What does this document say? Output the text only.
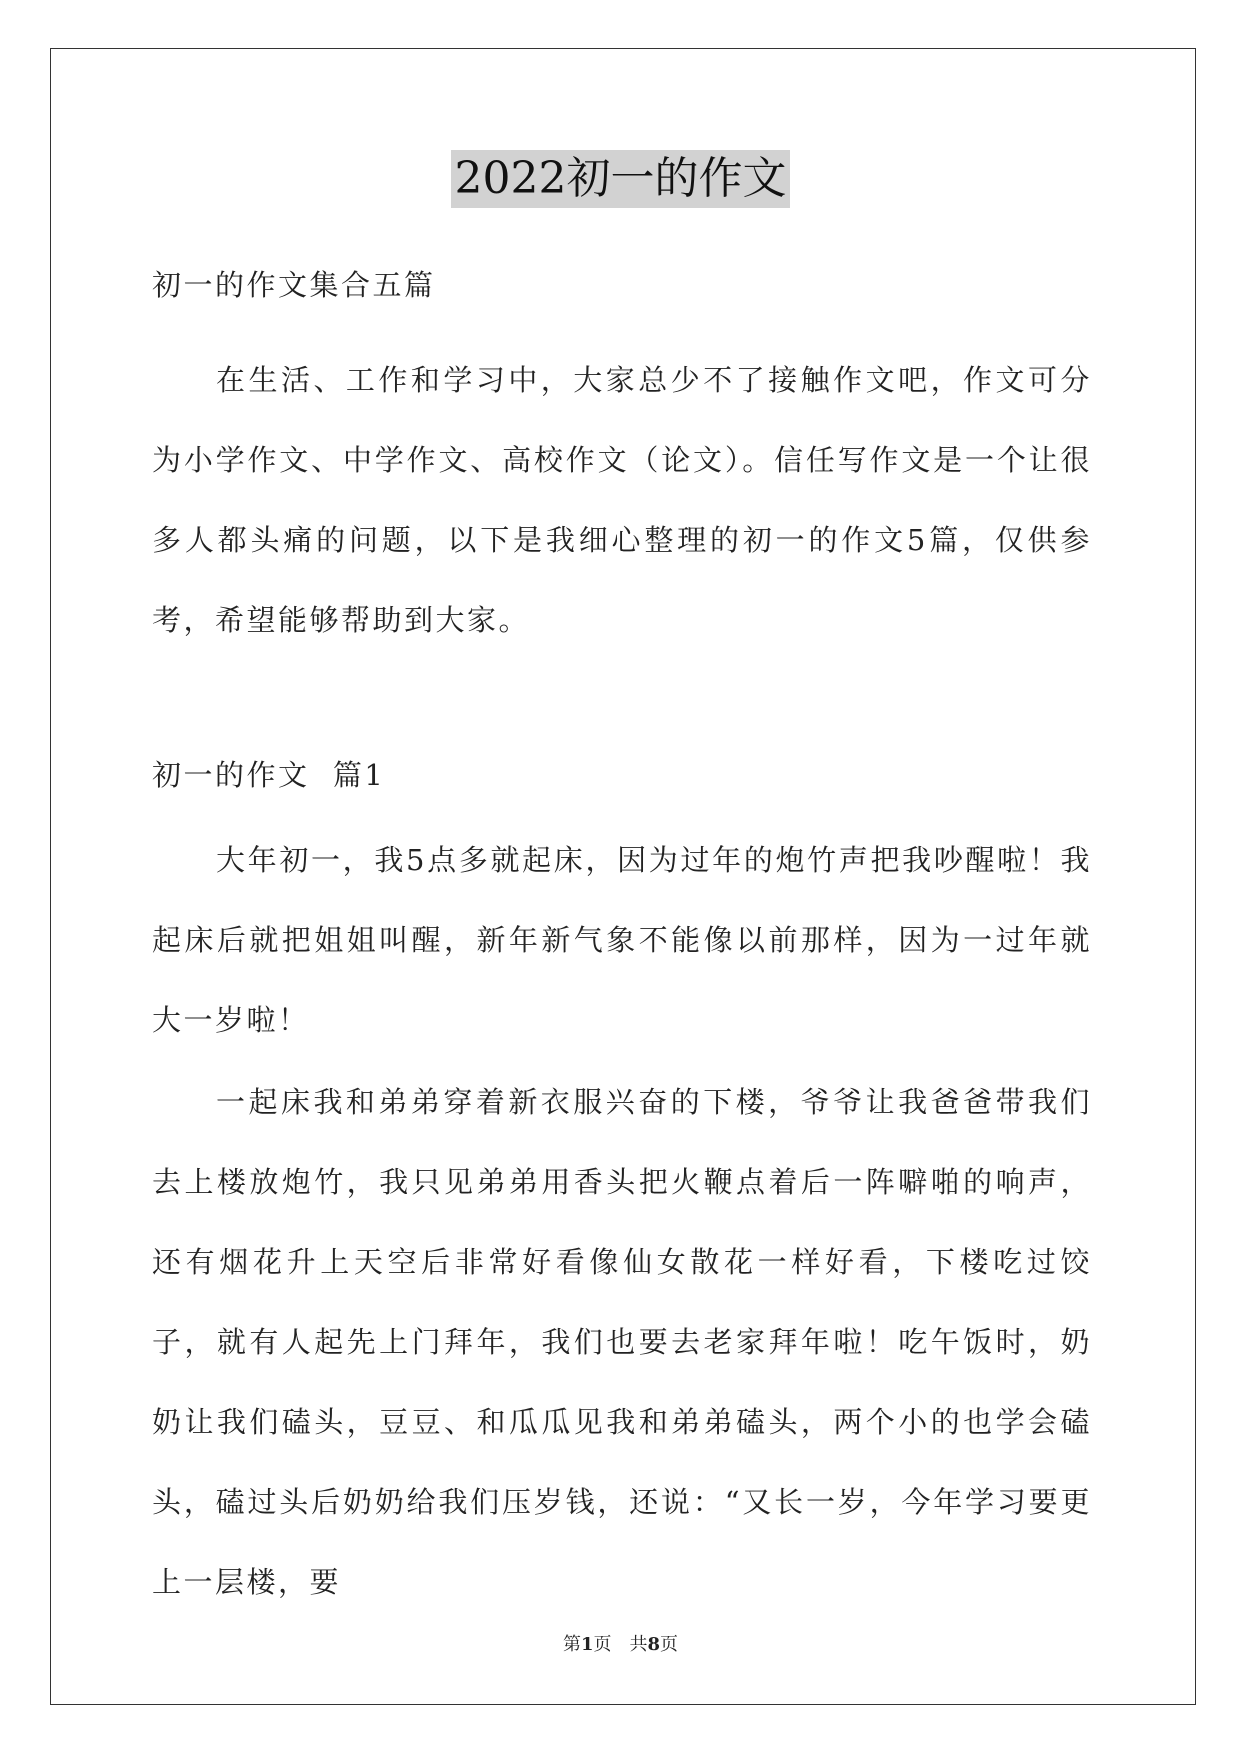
2022初一的作文

初一的作文集合五篇

在生活、工作和学习中，大家总少不了接触作文吧，作文可分为小学作文、中学作文、高校作文（论文）。信任写作文是一个让很多人都头痛的问题，以下是我细心整理的初一的作文5篇，仅供参考，希望能够帮助到大家。

初一的作文  篇1

大年初一，我5点多就起床，因为过年的炮竹声把我吵醒啦！我起床后就把姐姐叫醒，新年新气象不能像以前那样，因为一过年就大一岁啦！

一起床我和弟弟穿着新衣服兴奋的下楼，爷爷让我爸爸带我们去上楼放炮竹，我只见弟弟用香头把火鞭点着后一阵噼啪的响声，还有烟花升上天空后非常好看像仙女散花一样好看，下楼吃过饺子，就有人起先上门拜年，我们也要去老家拜年啦！吃午饭时，奶奶让我们磕头，豆豆、和瓜瓜见我和弟弟磕头，两个小的也学会磕头，磕过头后奶奶给我们压岁钱，还说：“又长一岁，今年学习要更上一层楼，要

第1页　共8页
